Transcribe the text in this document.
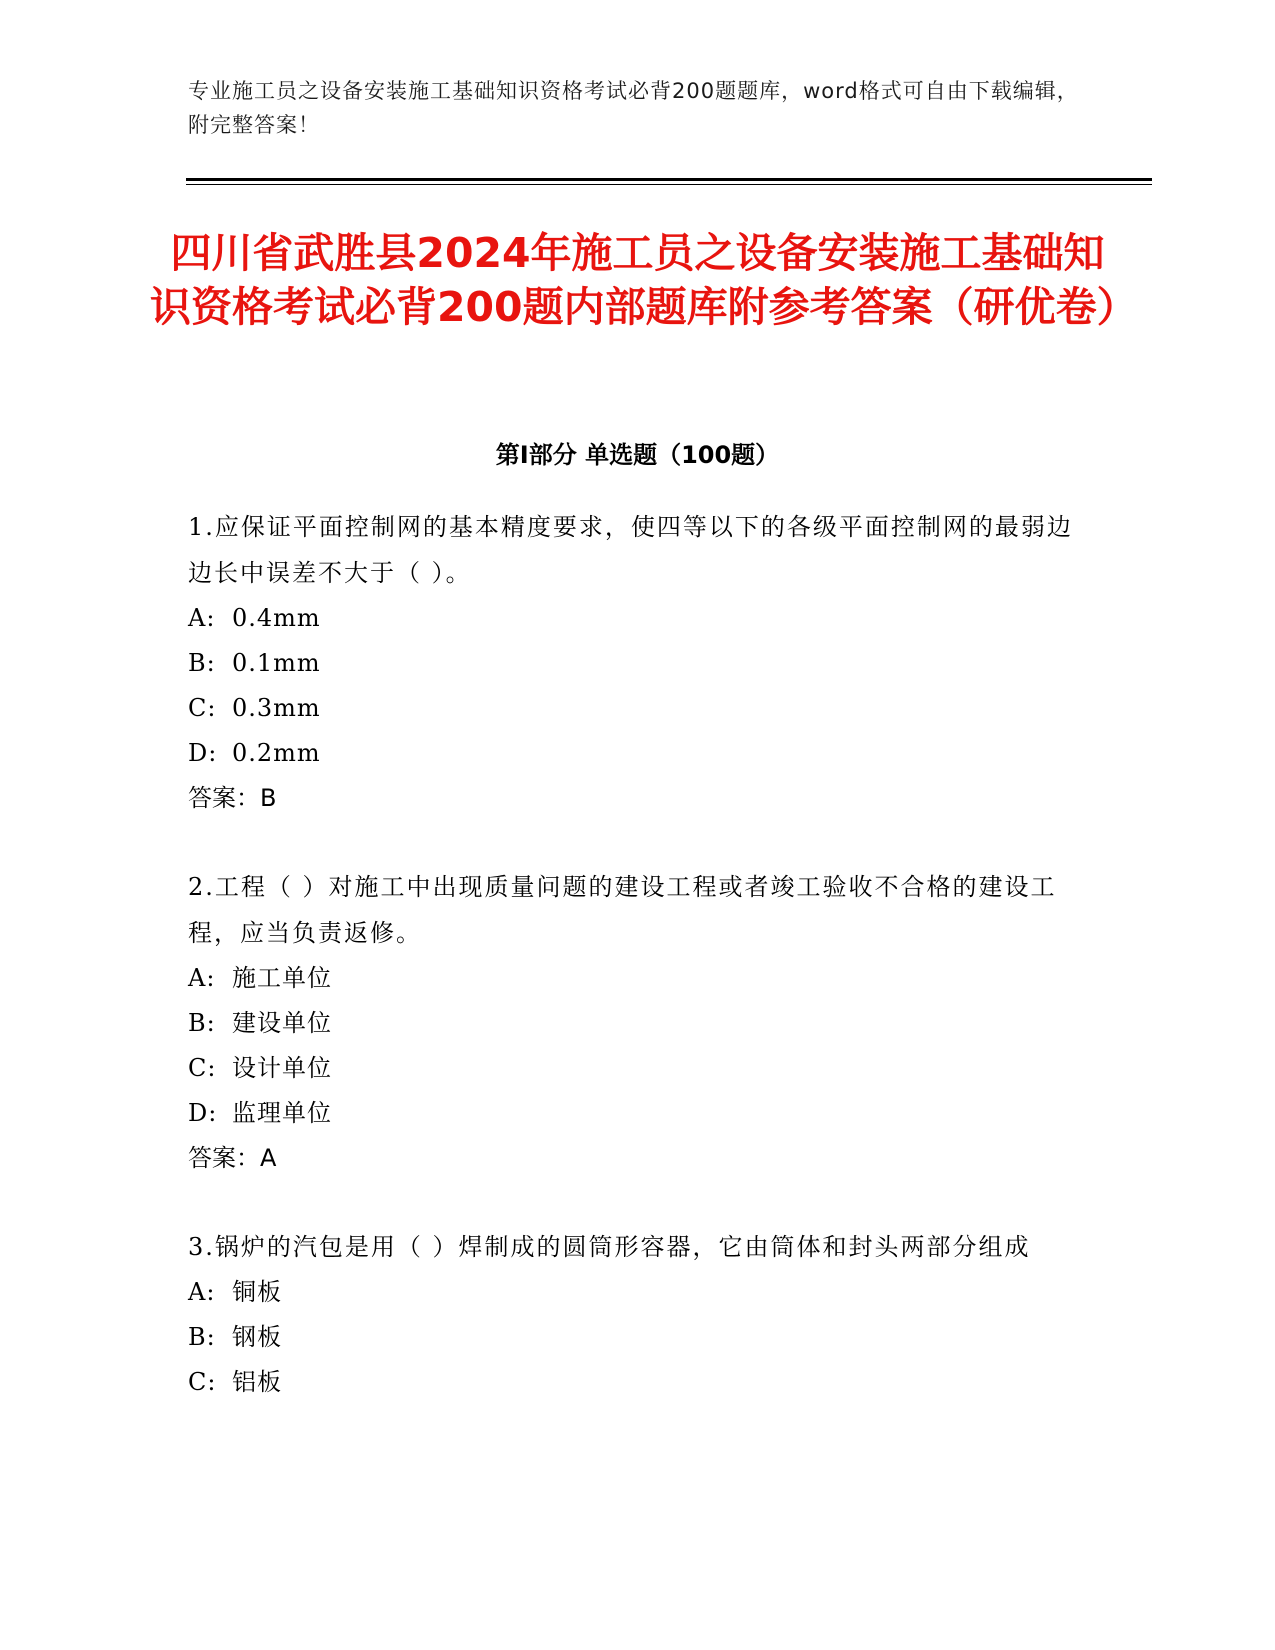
专业施工员之设备安装施工基础知识资格考试必背200题题库，word格式可自由下载编辑，附完整答案！
四川省武胜县2024年施工员之设备安装施工基础知识资格考试必背200题内部题库附参考答案（研优卷）
第I部分 单选题（100题）

1.应保证平面控制网的基本精度要求，使四等以下的各级平面控制网的最弱边边长中误差不大于（ ）。

A: 0.4mm

B: 0.1mm

C: 0.3mm

D: 0.2mm

答案：B

2.工程（ ）对施工中出现质量问题的建设工程或者竣工验收不合格的建设工程，应当负责返修。

A: 施工单位

B: 建设单位

C: 设计单位

D: 监理单位

答案：A

3.锅炉的汽包是用（ ）焊制成的圆筒形容器，它由筒体和封头两部分组成

A: 铜板

B: 钢板

C: 铝板
